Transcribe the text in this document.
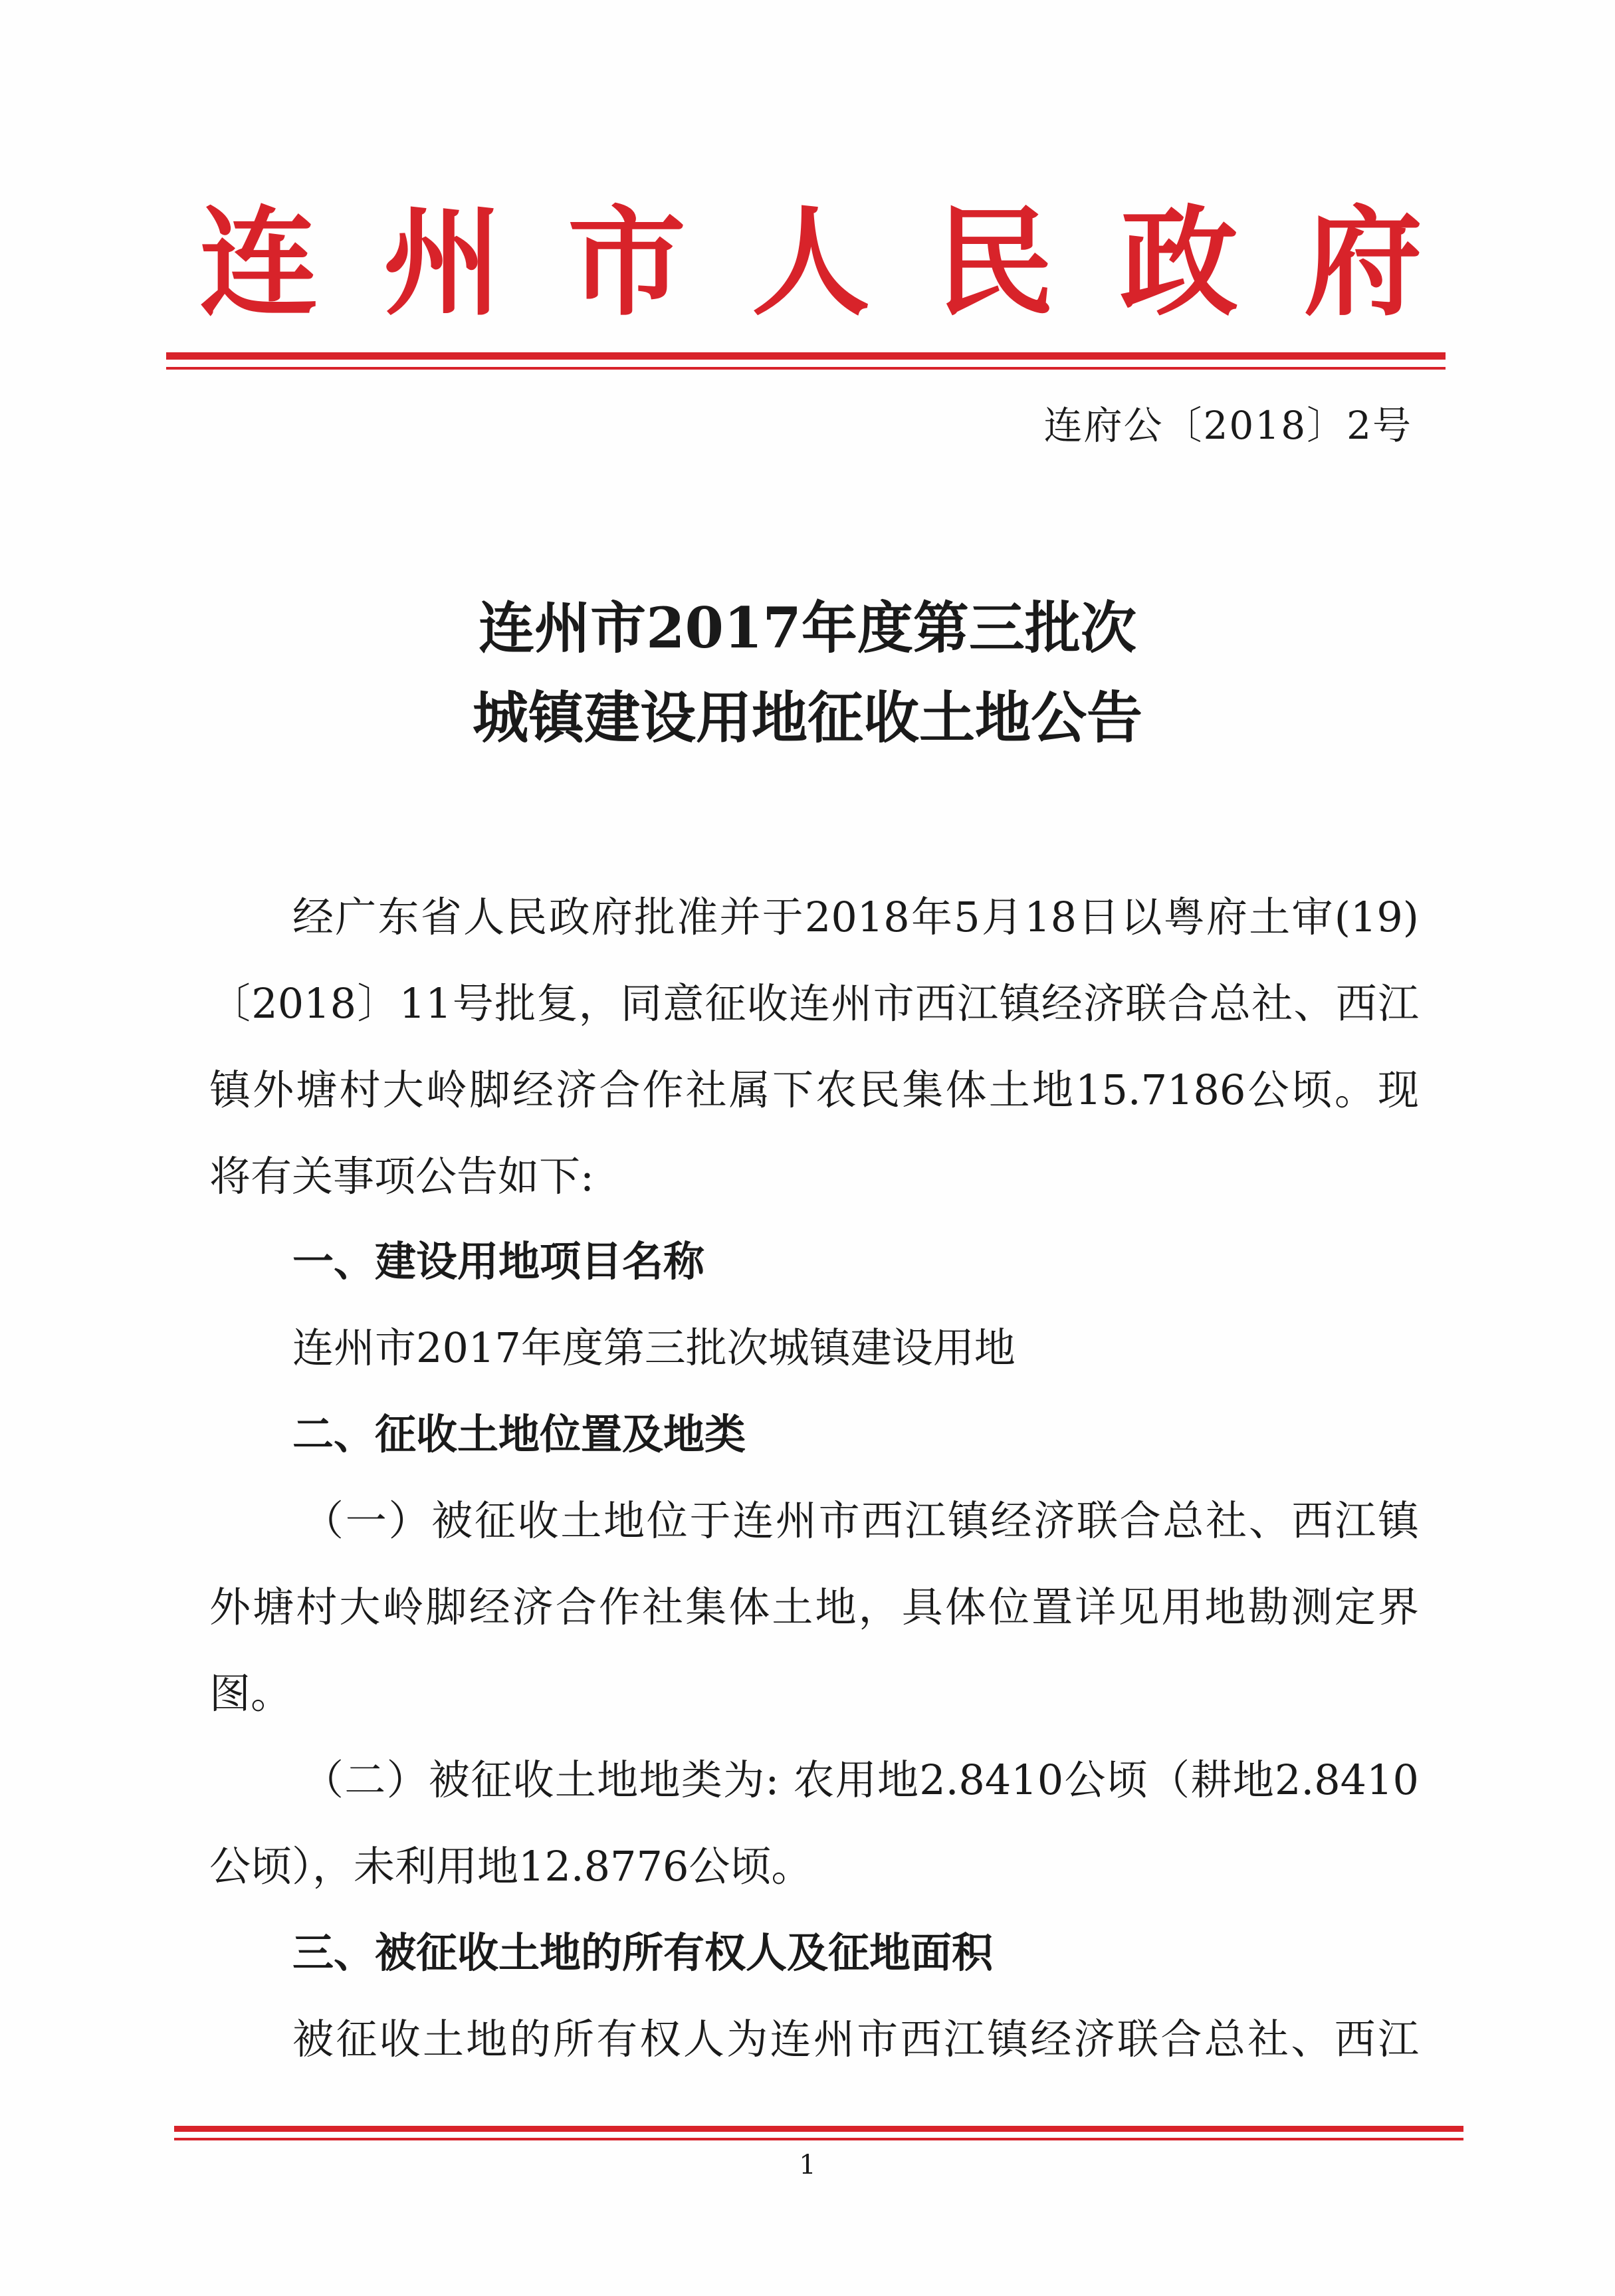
连 州 市 人 民 政 府
连府公〔2018〕2号
连州市2017年度第三批次
城镇建设用地征收土地公告
经广东省人民政府批准并于2018年5月18日以粤府土审(19)
〔2018〕11号批复，同意征收连州市西江镇经济联合总社、西江
镇外塘村大岭脚经济合作社属下农民集体土地15.7186公顷。现
将有关事项公告如下:
一、建设用地项目名称
连州市2017年度第三批次城镇建设用地
二、征收土地位置及地类
（一）被征收土地位于连州市西江镇经济联合总社、西江镇
外塘村大岭脚经济合作社集体土地，具体位置详见用地勘测定界
图。
（二）被征收土地地类为: 农用地2.8410公顷（耕地2.8410
公顷），未利用地12.8776公顷。
三、被征收土地的所有权人及征地面积
被征收土地的所有权人为连州市西江镇经济联合总社、西江
1
